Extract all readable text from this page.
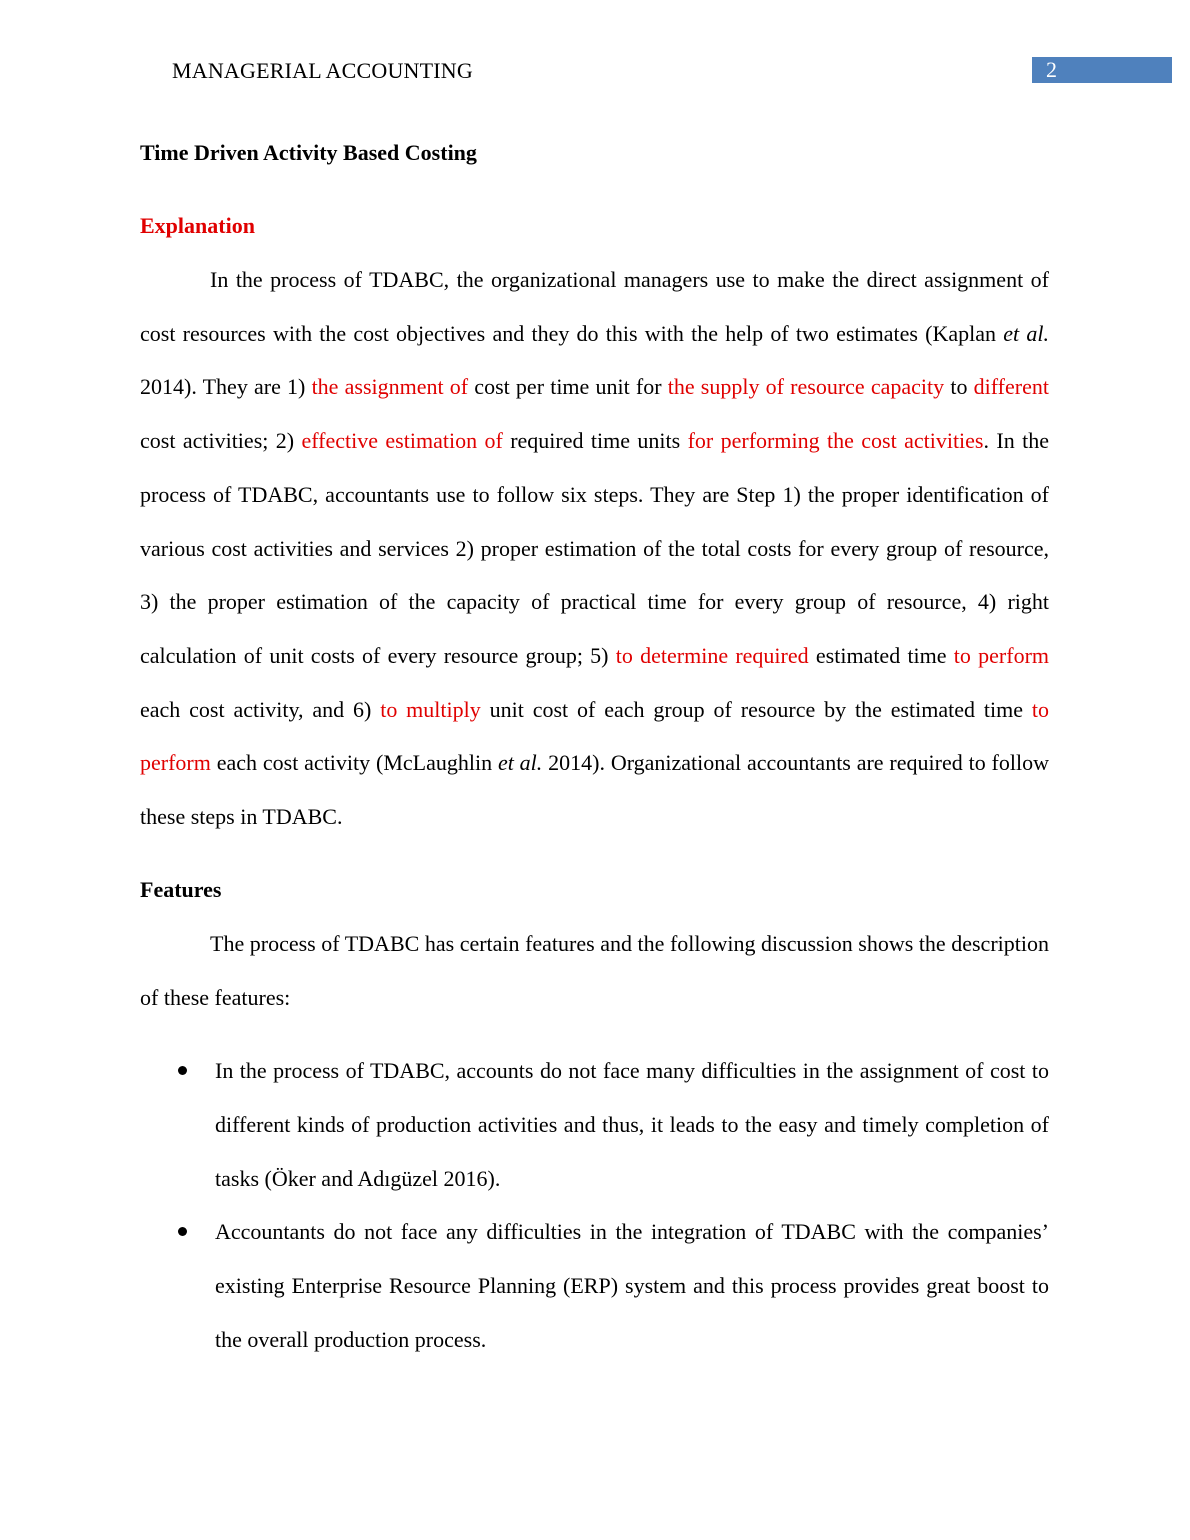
MANAGERIAL ACCOUNTING	2
Time Driven Activity Based Costing
Explanation

In the process of TDABC, the organizational managers use to make the direct assignment of cost resources with the cost objectives and they do this with the help of two estimates (Kaplan et al. 2014). They are 1) the assignment of cost per time unit for the supply of resource capacity to different cost activities; 2) effective estimation of required time units for performing the cost activities. In the process of TDABC, accountants use to follow six steps. They are Step 1) the proper identification of various cost activities and services 2) proper estimation of the total costs for every group of resource, 3) the proper estimation of the capacity of practical time for every group of resource, 4) right calculation of unit costs of every resource group; 5) to determine required estimated time to perform each cost activity, and 6) to multiply unit cost of each group of resource by the estimated time to perform each cost activity (McLaughlin et al. 2014). Organizational accountants are required to follow these steps in TDABC.

Features

The process of TDABC has certain features and the following discussion shows the description of these features:

In the process of TDABC, accounts do not face many difficulties in the assignment of cost to different kinds of production activities and thus, it leads to the easy and timely completion of tasks (Öker and Adıgüzel 2016).
Accountants do not face any difficulties in the integration of TDABC with the companies’ existing Enterprise Resource Planning (ERP) system and this process provides great boost to the overall production process.
